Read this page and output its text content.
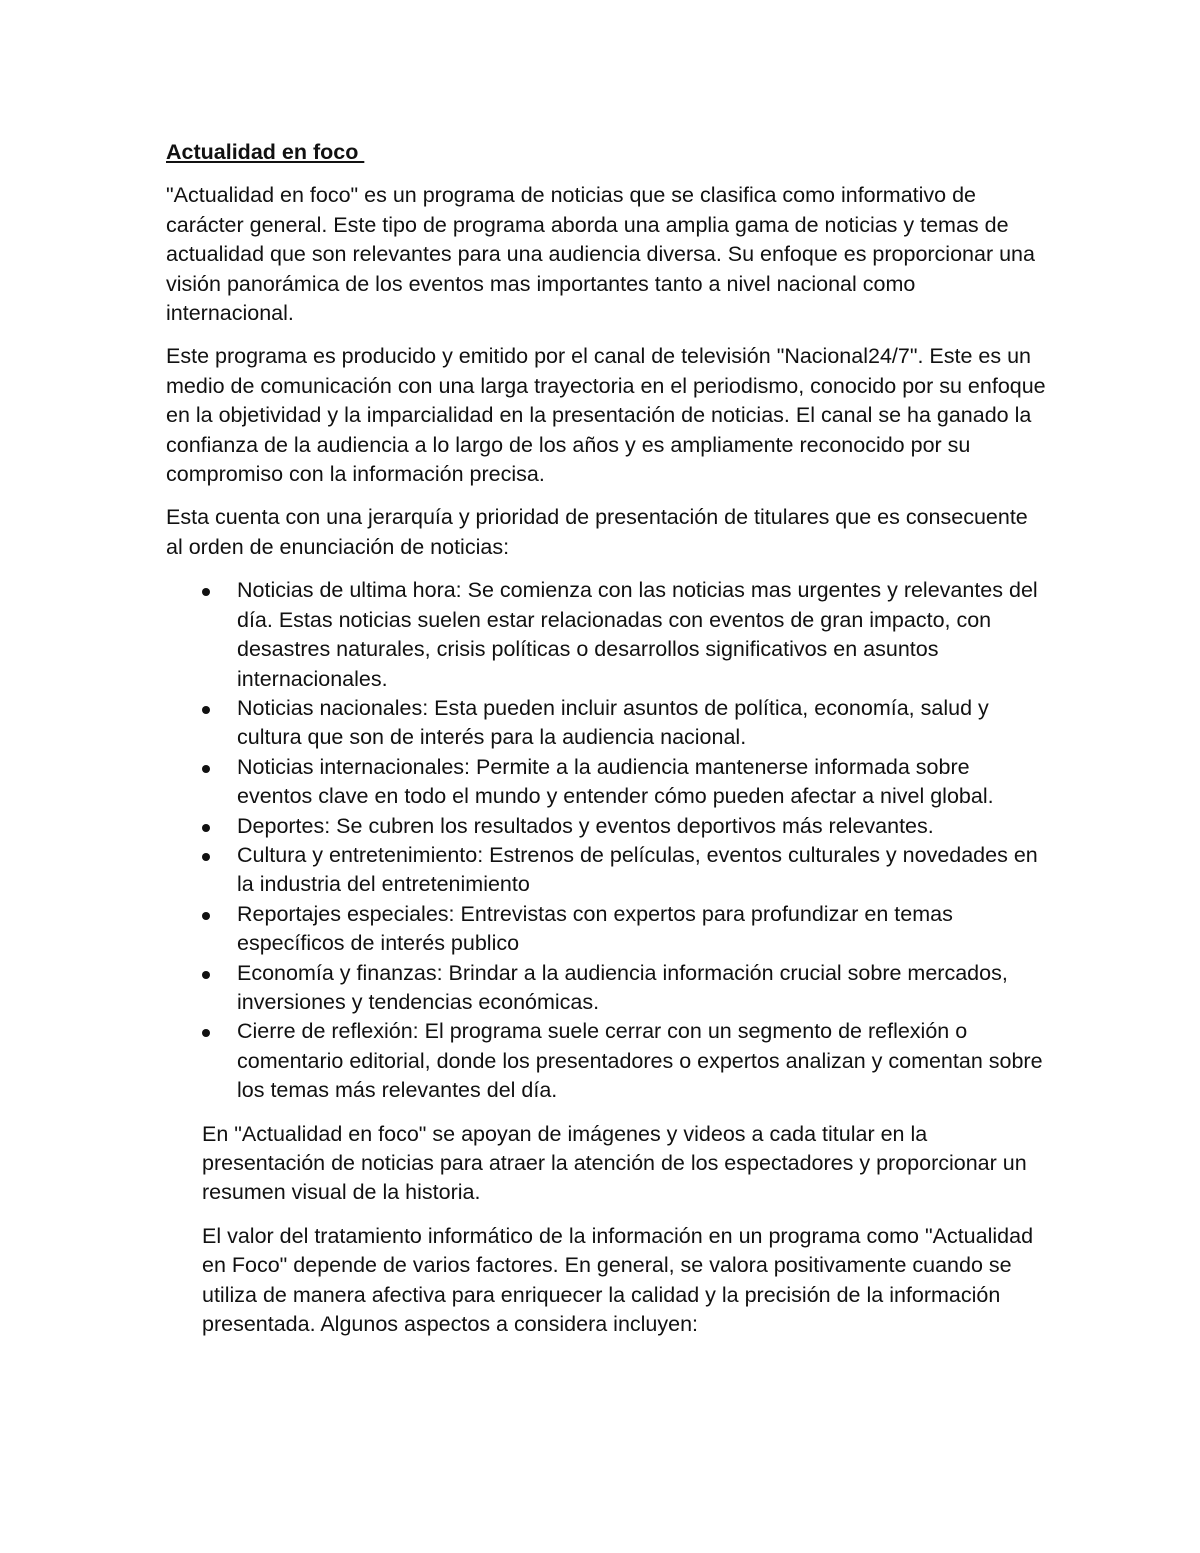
Actualidad en foco

"Actualidad en foco" es un programa de noticias que se clasifica como informativo de carácter general. Este tipo de programa aborda una amplia gama de noticias y temas de actualidad que son relevantes para una audiencia diversa. Su enfoque es proporcionar una visión panorámica de los eventos mas importantes tanto a nivel nacional como internacional.

Este programa es producido y emitido por el canal de televisión "Nacional24/7". Este es un medio de comunicación con una larga trayectoria en el periodismo, conocido por su enfoque en la objetividad y la imparcialidad en la presentación de noticias. El canal se ha ganado la confianza de la audiencia a lo largo de los años y es ampliamente reconocido por su compromiso con la información precisa.

Esta cuenta con una jerarquía y prioridad de presentación de titulares que es consecuente al orden de enunciación de noticias:

Noticias de ultima hora: Se comienza con las noticias mas urgentes y relevantes del día. Estas noticias suelen estar relacionadas con eventos de gran impacto, con desastres naturales, crisis políticas o desarrollos significativos en asuntos internacionales.
Noticias nacionales: Esta pueden incluir asuntos de política, economía, salud y cultura que son de interés para la audiencia nacional.
Noticias internacionales: Permite a la audiencia mantenerse informada sobre eventos clave en todo el mundo y entender cómo pueden afectar a nivel global.
Deportes: Se cubren los resultados y eventos deportivos más relevantes.
Cultura y entretenimiento: Estrenos de películas, eventos culturales y novedades en la industria del entretenimiento
Reportajes especiales: Entrevistas con expertos para profundizar en temas específicos de interés publico
Economía y finanzas: Brindar a la audiencia información crucial sobre mercados, inversiones y tendencias económicas.
Cierre de reflexión: El programa suele cerrar con un segmento de reflexión o comentario editorial, donde los presentadores o expertos analizan y comentan sobre los temas más relevantes del día.

En "Actualidad en foco" se apoyan de imágenes y videos a cada titular en la presentación de noticias para atraer la atención de los espectadores y proporcionar un resumen visual de la historia.

El valor del tratamiento informático de la información en un programa como "Actualidad en Foco" depende de varios factores. En general, se valora positivamente cuando se utiliza de manera afectiva para enriquecer la calidad y la precisión de la información presentada. Algunos aspectos a considera incluyen:
